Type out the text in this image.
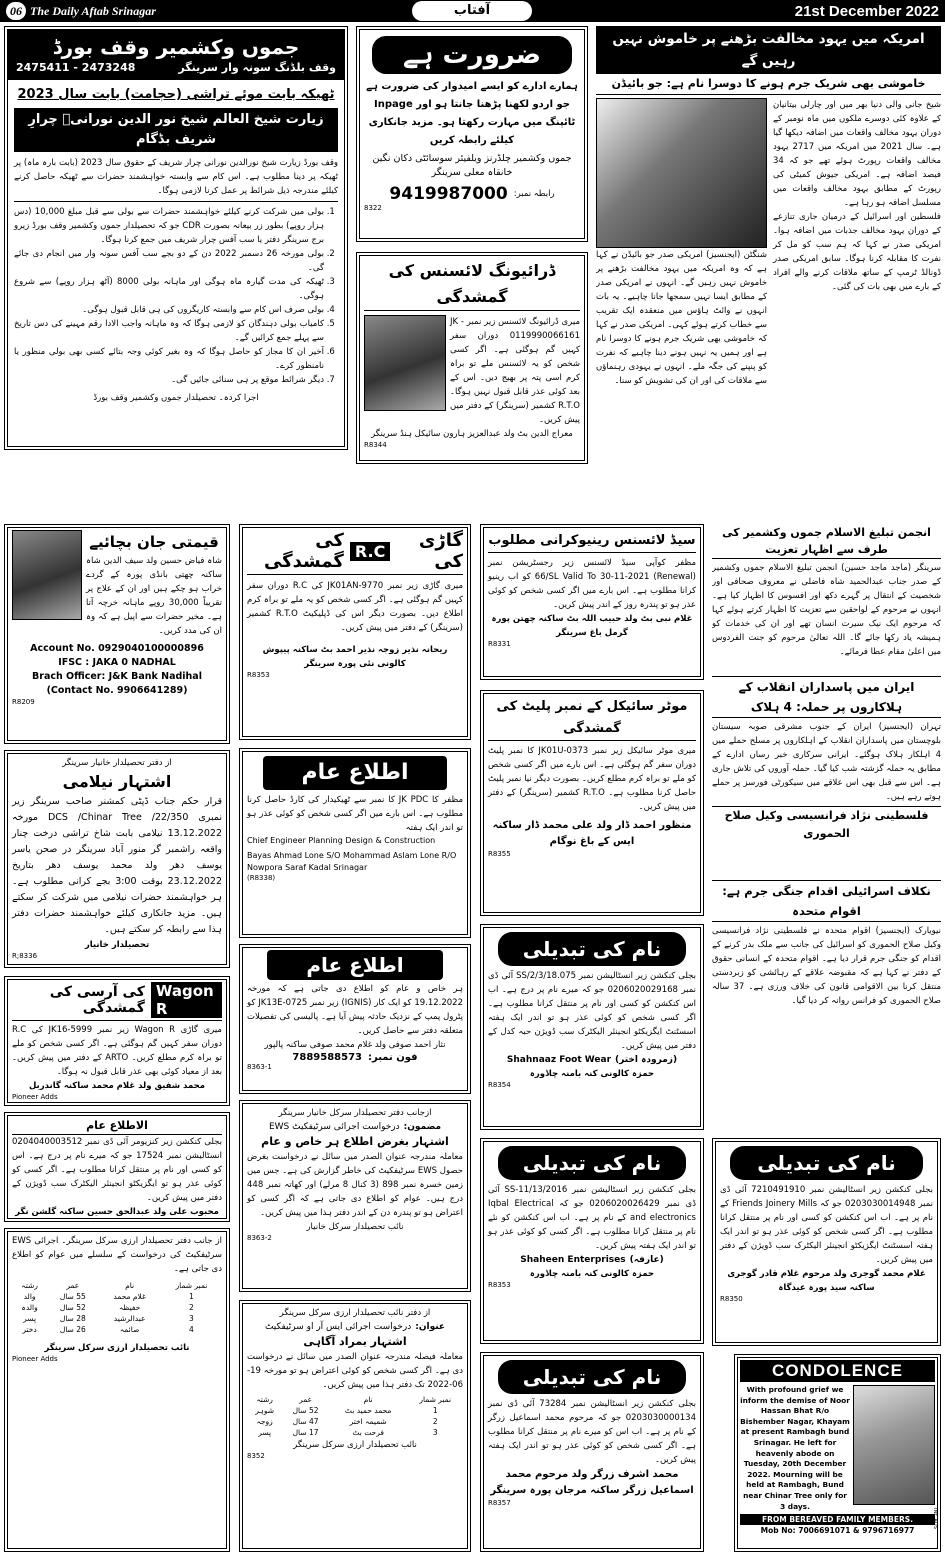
06 The Daily Aftab Srinagar	آفتاب	21st December 2022
جموں وکشمیر وقف بورڈ
وقف بلڈنگ سونہ وار سرینگر
2475411 - 2473248
ٹھیکہ بابت موئے تراشی (حجامت) بابت سال 2023
زیارت شیخ العالم شیخ نور الدین نورانیؒ چرارِ شریف بڈگام
وقف بورڈ زیارت شیخ نورالدین نورانی چرار شریف کے حقوق سال 2023 (بابت بارہ ماہ) پر ٹھیکہ پر دینا مطلوب ہے۔ اس کام سے وابستہ خواہشمند حضرات سے ٹھیکہ حاصل کرنے کیلئے مندرجہ ذیل شرائط پر عمل کرنا لازمی ہوگا۔
1. بولی میں شرکت کرنے کیلئے خواہشمند حضرات سے بولی سے قبل مبلغ 10,000 (دس ہزار روپے) بطور زر بیعانہ بصورت CDR جو کہ تحصیلدار جموں وکشمیر وقف بورڈ زیرو برج سرینگر دفتر یا سب آفس چرار شریف میں جمع کرنا ہوگا۔
2. بولی مورخہ 26 دسمبر 2022 دن کے دو بجے سب آفس سونہ وار میں انجام دی جائے گی۔
3. ٹھیکہ کی مدت گیارہ ماہ ہوگی اور ماہانہ بولی 8000 (آٹھ ہزار روپے) سے شروع ہوگی۔
4. بولی صرف اس کام سے وابستہ کاریگروں کی ہی قابل قبول ہوگی۔
5. کامیاب بولی دہندگان کو لازمی ہوگا کہ وہ ماہانہ واجب الادا رقم مہینے کی دس تاریخ سے پہلے جمع کرائیں گے۔
6. آخیر ان کا مجاز کو حاصل ہوگا کہ وہ بغیر کوئی وجہ بتائے کسی بھی بولی منظور یا نامنظور کرے۔
7. دیگر شرائط موقع پر ہی سنائی جائیں گی۔
اجرا کردہ۔ تحصیلدار جموں وکشمیر وقف بورڈ
ضرورت ہے
ہمارے ادارے کو ایسے امیدوار کی ضرورت ہے جو اردو لکھنا پڑھنا جانتا ہو اور Inpage ٹائپنگ میں مہارت رکھتا ہو۔ مزید جانکاری کیلئے رابطہ کریں
جموں وکشمیر چلڈرنز ویلفیئر سوسائٹی دکان نگین خانقاہ معلی سرینگر
رابطہ نمبر:
9419987000
8322
ڈرائیونگ لائسنس کی گمشدگی
میری ڈرائیونگ لائسنس زیر نمبر JK - 0119990066161 دوران سفر کہیں گم ہوگئی ہے۔ اگر کسی شخص کو یہ لائسنس ملے تو براہ کرم اسی پتہ پر بھیج دیں۔ اس کے بعد کوئی عذر قابل قبول نہیں ہوگا۔ R.T.O کشمیر (سرینگر) کے دفتر میں پیش کریں۔
معراج الدین بٹ ولد عبدالعزیز ہارون سائیکل ہنڈ سرینگر
R8344
امریکہ میں یہود مخالفت بڑھنے پر خاموش نہیں رہیں گے
خاموشی بھی شریک جرم ہونے کا دوسرا نام ہے: جو بائیڈن
شیخ جانی والی دنیا بھر میں اور چارلی بیتانیان کے علاوہ کئی دوسرے ملکوں میں ماہ نومبر کے دوران یہود مخالف واقعات میں اضافہ دیکھا گیا ہے۔ سال 2021 میں امریکہ میں 2717 یہود مخالف واقعات رپورٹ ہوئے تھے جو کہ 34 فیصد اضافہ ہے۔ امریکی جیوش کمیٹی کی رپورٹ کے مطابق یہود مخالف واقعات میں مسلسل اضافہ ہو رہا ہے۔
فلسطین اور اسرائیل کے درمیان جاری تنازعے کے دوران یہود مخالف جذبات میں اضافہ ہوا۔ امریکی صدر نے کہا کہ ہم سب کو مل کر نفرت کا مقابلہ کرنا ہوگا۔ سابق امریکی صدر ڈونالڈ ٹرمپ کے ساتھ ملاقات کرنے والے افراد کے بارے میں بھی بات کی گئی۔
شنگٹن (ایجنسیز) امریکی صدر جو بائیڈن نے کہا ہے کہ وہ امریکہ میں یہود مخالفت بڑھنے پر خاموش نہیں رہیں گے۔ انہوں نے امریکی صدر کے مطابق ایسا نہیں سمجھا جانا چاہیے۔ یہ بات انہوں نے وائٹ ہاؤس میں منعقدہ ایک تقریب سے خطاب کرتے ہوئے کہی۔ امریکی صدر نے کہا کہ خاموشی بھی شریک جرم ہونے کا دوسرا نام ہے اور ہمیں یہ نہیں ہونے دینا چاہیے کہ نفرت کو پنپنے کی جگہ ملے۔ انہوں نے یہودی رہنماؤں سے ملاقات کی اور ان کی تشویش کو سنا۔
قیمتی جان بچائیے
شاہ فیاض حسین ولد سیف الدین شاہ ساکنہ چھتی بانڈی پورہ کے گردے خراب ہو چکے ہیں اور ان کے علاج پر تقریباً 30,000 روپے ماہانہ خرچہ آتا ہے۔ مخیر حضرات سے اپیل ہے کہ وہ ان کی مدد کریں۔
Account No. 0929040100000896
IFSC : JAKA 0 NADHAL
Brach Officer: J&K Bank Nadihal
(Contact No. 9906641289)
R8209
گاڑی کی
R.C
کی گمشدگی
میری گاڑی زیر نمبر JK01AN-9770 کی R.C دوران سفر کہیں گم ہوگئی ہے۔ اگر کسی شخص کو یہ ملے تو براہ کرم اطلاع دیں۔ بصورت دیگر اس کی ڈپلیکیٹ R.T.O کشمیر (سرینگر) کے دفتر میں پیش کریں۔
ریحانہ نذیر زوجہ نذیر احمد بٹ ساکنہ پیپوش کالونی نئی پورہ سرینگر
R8353
سیڈ لائسنس رینیوکرانی مطلوب
مظفر کوآپی سیڈ لائسنس زیر رجسٹریشن نمبر (Renewal) 66/SL Valid To 30-11-2021 کو اب رینیو کرانا مطلوب ہے۔ اس بارے میں اگر کسی شخص کو کوئی عذر ہو تو پندرہ روز کے اندر پیش کریں۔
غلام نبی بٹ ولد حبیب اللہ بٹ ساکنہ چھتن پورہ گرمل باغ سرینگر
R8331
انجمن تبلیغ الاسلام جموں وکشمیر کی طرف سے اظہار تعزیت
سرینگر (ماجد ماجد حسین) انجمن تبلیغ الاسلام جموں وکشمیر کے صدر جناب عبدالحمید شاہ فاضلی نے معروف صحافی اور شخصیت کے انتقال پر گہرے دکھ اور افسوس کا اظہار کیا ہے۔ انہوں نے مرحوم کے لواحقین سے تعزیت کا اظہار کرتے ہوئے کہا کہ مرحوم ایک نیک سیرت انسان تھے اور ان کی خدمات کو ہمیشہ یاد رکھا جائے گا۔ اللہ تعالیٰ مرحوم کو جنت الفردوس میں اعلیٰ مقام عطا فرمائے۔
ایران میں پاسداران انقلاب کے ہلاکاروں پر حملہ: 4 ہلاک
تہران (ایجنسیز) ایران کے جنوب مشرقی صوبہ سیستان بلوچستان میں پاسداران انقلاب کے اہلکاروں پر مسلح حملے میں 4 اہلکار ہلاک ہوگئے۔ ایرانی سرکاری خبر رساں ادارے کے مطابق یہ حملہ گزشتہ شب کیا گیا۔ حملہ آوروں کی تلاش جاری ہے۔ اس سے قبل بھی اس علاقے میں سیکورٹی فورسز پر حملے ہوتے رہے ہیں۔
فلسطینی نژاد فرانسیسی وکیل صلاح الحموری
نکلاف اسرائیلی اقدام جنگی جرم ہے: اقوام متحدہ
نیویارک (ایجنسیز) اقوام متحدہ نے فلسطینی نژاد فرانسیسی وکیل صلاح الحموری کو اسرائیل کی جانب سے ملک بدر کرنے کے اقدام کو جنگی جرم قرار دیا ہے۔ اقوام متحدہ کے انسانی حقوق کے دفتر نے کہا ہے کہ مقبوضہ علاقے کے رہائشی کو زبردستی منتقل کرنا بین الاقوامی قانون کی خلاف ورزی ہے۔ 37 سالہ صلاح الحموری کو فرانس روانہ کر دیا گیا۔
از دفتر تحصیلدار خانیار سرینگر
اشتہار نیلامی
قرار حکم جناب ڈپٹی کمشنر صاحب سرینگر زیر نمبری DCS /Chinar Tree /22/350 مورخہ 13.12.2022 نیلامی بابت شاخ تراشی درخت چنار واقعہ راشمبر گر منور آباد سرینگر در صحن یاسر یوسف دھر ولد محمد یوسف دھر بتاریخ 23.12.2022 بوقت 3:00 بجے کرانی مطلوب ہے۔ ہر خواہشمند حضرات نیلامی میں شرکت کر سکتے ہیں۔ مزید جانکاری کیلئے خواہشمند حضرات دفتر ہذا سے رابطہ کر سکتے ہیں۔
تحصیلدار خانیار
R;8336
اطلاع عام
مظفر کا JK PDC کا نمبر سے ٹھیکیدار کی کارڈ حاصل کرنا مطلوب ہے۔ اس بارے میں اگر کسی شخص کو کوئی عذر ہو تو اندر ایک ہفتہ
Chief Engineer Planning Design & Construction
Bayas Ahmad Lone S/O Mohammad Aslam Lone R/O Nowpora Saraf Kadal Srinagar
(R8338)
موٹر سائیکل کے نمبر پلیٹ کی گمشدگی
میری موٹر سائیکل زیر نمبر JK01U-0373 کا نمبر پلیٹ دوران سفر گم ہوگئی ہے۔ اس بارے میں اگر کسی شخص کو ملے تو براہ کرم مطلع کریں۔ بصورت دیگر نیا نمبر پلیٹ حاصل کرنا مطلوب ہے۔ R.T.O کشمیر (سرینگر) کے دفتر میں پیش کریں۔
منظور احمد ڈار ولد علی محمد ڈار ساکنہ ایس کے باغ نوگام
R8355
اطلاع عام
ہر خاص و عام کو اطلاع دی جاتی ہے کہ مورخہ 19.12.2022 کو ایک کار (IGNIS) زیر نمبر JK13E-0725 کو پٹرول پمپ کے نزدیک حادثہ پیش آیا ہے۔ پالیسی کی تفصیلات متعلقہ دفتر سے حاصل کریں۔
نثار احمد صوفی ولد غلام محمد صوفی ساکنہ پالپور
فون نمبر:
7889588573
8363-1
نام کی تبدیلی
بجلی کنکشن زیر انسٹالیشن نمبر 075.SS/2/3/18 آئی ڈی نمبر 0206020029168 جو کہ میرے نام پر درج ہے۔ اب اس کنکشن کو کسی اور نام پر منتقل کرانا مطلوب ہے۔ اگر کسی شخص کو کوئی عذر ہو تو اندر ایک ہفتہ اسسٹنٹ ایگزیکٹو انجینئر الیکٹرک سب ڈویژن حبہ کدل کے دفتر میں پیش کریں۔
(زمرودہ اختر)
Shahnaaz Foot Wear
حمزہ کالونی کنہ بامنہ چاڈورہ
R8354
Wagon R
کی آرسی کی گمشدگی
میری گاڑی Wagon R زیر نمبر JK16-5999 کی R.C دوران سفر کہیں گم ہوگئی ہے۔ اگر کسی شخص کو ملے تو براہ کرم مطلع کریں۔ ARTO کے دفتر میں پیش کریں۔ بعد از معیاد کوئی بھی عذر قابل قبول نہ ہوگا۔
محمد شفیق ولد غلام محمد ساکنہ گاندربل
Pioneer Adds
الاطلاع عام
بجلی کنکشن زیر کنزیومر آئی ڈی نمبر 0204040003512 انسٹالیشن نمبر 17524 جو کہ میرے نام پر درج ہے۔ اس کو کسی اور نام پر منتقل کرانا مطلوب ہے۔ اگر کسی کو کوئی عذر ہو تو ایگزیکٹو انجینئر الیکٹرک سب ڈویژن کے دفتر میں پیش کریں۔
محبوب علی ولد عبدالحق حسین ساکنہ گلشن نگر
از جانب دفتر تحصیلدار ارزی سرکل سرینگر۔ اجرائی EWS سرٹیفکیٹ کی درخواست کے سلسلے میں عوام کو اطلاع دی جاتی ہے۔
نمبر شمار	نام	عمر	رشتہ
1	غلام محمد	55 سال	والد
2	حفیظہ	52 سال	والدہ
3	عبدالرشید	28 سال	پسر
4	صائمہ	26 سال	دختر
نائب تحصیلدار ارزی سرکل سرینگر
Pioneer Adds
ازجانب دفتر تحصیلدار سرکل خانیار سرینگر
مضمون:
درخواست اجرائی سرٹیفکیٹ EWS
اشتہار بغرض اطلاع ہر خاص و عام
معاملہ مندرجہ عنوان الصدر میں سائل نے درخواست بغرض حصول EWS سرٹیفکیٹ کی خاطر گزارش کی ہے۔ جس میں زمین خسرہ نمبر 898 (3 کنال 8 مرلے) اور کھاتہ نمبر 448 درج ہیں۔ عوام کو اطلاع دی جاتی ہے کہ اگر کسی کو اعتراض ہو تو پندرہ دن کے اندر دفتر ہذا میں پیش کریں۔
نائب تحصیلدار سرکل خانیار
8363-2
از دفتر نائب تحصیلدار ارزی سرکل سرینگر
عنوان:
درخواست اجرائی ایس آر او سرٹیفکیٹ
اشتہار بمراد آگاہی
معاملہ فیصلہ مندرجہ عنوان الصدر میں سائل نے درخواست دی ہے۔ اگر کسی شخص کو کوئی اعتراض ہو تو مورخہ 19-06-2022 تک دفتر ہذا میں پیش کریں۔
نمبر شمار	نام	عمر	رشتہ
1	محمد حمید بٹ	52 سال	شوہر
2	شمیمہ اختر	47 سال	زوجہ
3	فرحت بٹ	17 سال	پسر
نائب تحصیلدار ارزی سرکل سرینگر
8352
نام کی تبدیلی
بجلی کنکشن زیر انسٹالیشن نمبر SS-11/13/2016 آئی ڈی نمبر 0206020026429 جو کہ Iqbal Electrical and electronics کے نام پر ہے۔ اب اس کنکشن کو نئے نام پر منتقل کرانا مطلوب ہے۔ اگر کسی کو کوئی عذر ہو تو اندر ایک ہفتہ پیش کریں۔
(عارفہ)
Shaheen Enterprises
حمزہ کالونی کنہ بامنہ چاڈورہ
R8353
نام کی تبدیلی
بجلی کنکشن زیر انسٹالیشن نمبر 73284 آئی ڈی نمبر 0203030000134 جو کہ مرحوم محمد اسماعیل زرگر کے نام پر ہے۔ اب اس کو میرے نام پر منتقل کرانا مطلوب ہے۔ اگر کسی شخص کو کوئی عذر ہو تو اندر ایک ہفتہ پیش کریں۔
محمد اشرف زرگر ولد مرحوم محمد اسماعیل زرگر ساکنہ مرجان پورہ سرینگر
R8357
نام کی تبدیلی
بجلی کنکشن زیر انسٹالیشن نمبر 7210491910 آئی ڈی نمبر 0203030014948 جو کہ Friends Joinery Mills کے نام پر ہے۔ اب اس کنکشن کو کسی اور نام پر منتقل کرانا مطلوب ہے۔ اگر کسی شخص کو کوئی عذر ہو تو اندر ایک ہفتہ اسسٹنٹ ایگزیکٹو انجینئر الیکٹرک سب ڈویژن کے دفتر میں پیش کریں۔
غلام محمد گوجری ولد مرحوم غلام قادر گوجری ساکنہ سید پورہ عیدگاہ
R8350
CONDOLENCE
With profound grief we inform the demise of Noor Hassan Bhat R/o Bishember Nagar, Khayam at present Rambagh bund Srinagar. He left for heavenly abode on Tuesday, 20th December 2022. Mourning will be held at Rambagh, Bund near Chinar Tree only for 3 days.
FROM BEREAVED FAMILY MEMBERS.
Mob No: 7006691071 & 9796716977
INF. ADS
